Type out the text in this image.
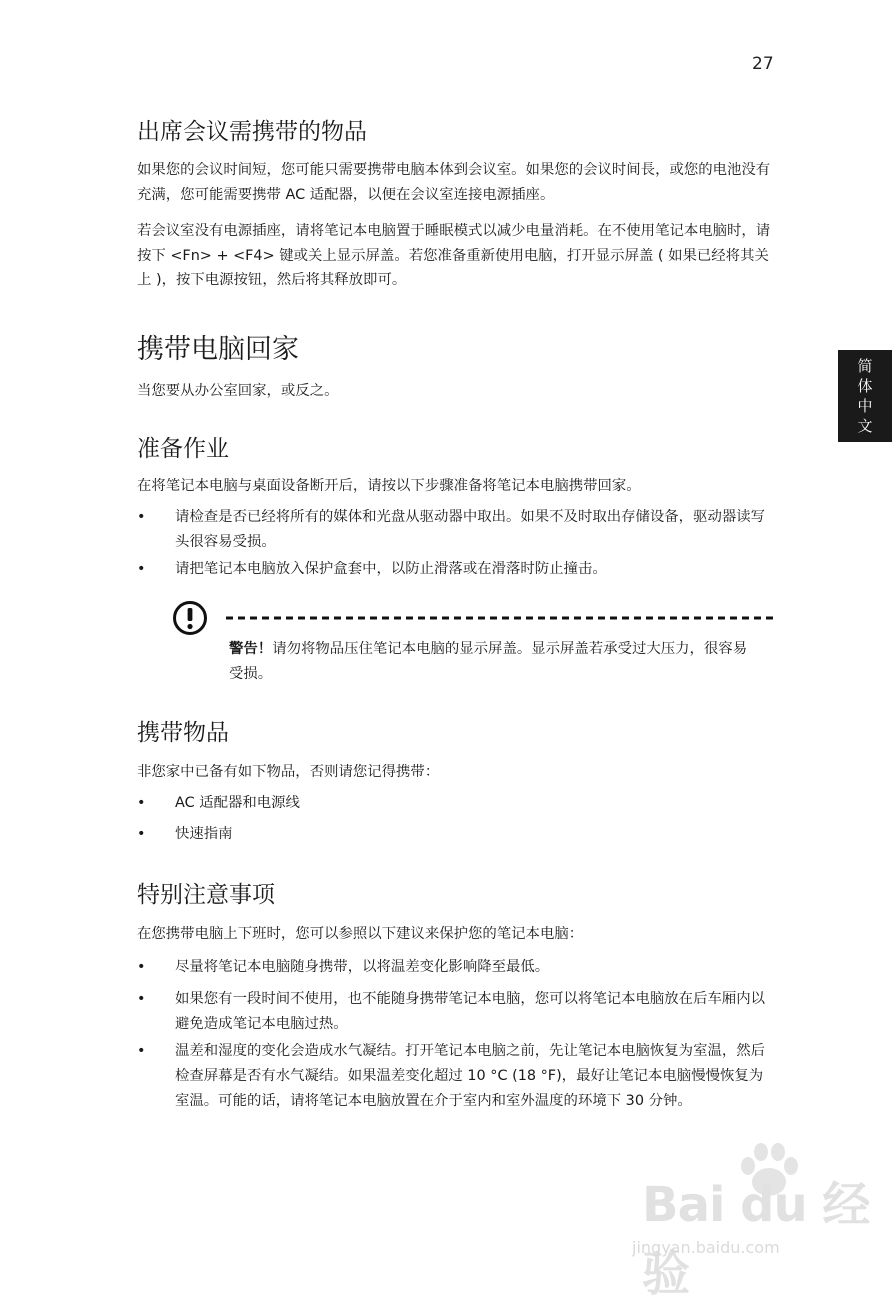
27
简
体
中
文
出席会议需携带的物品

如果您的会议时间短，您可能只需要携带电脑本体到会议室。如果您的会议时间長，或您的电池没有充满，您可能需要携带 AC 适配器，以便在会议室连接电源插座。

若会议室没有电源插座，请将笔记本电脑置于睡眠模式以减少电量消耗。在不使用笔记本电脑时，请按下 <Fn> + <F4> 键或关上显示屏盖。若您准备重新使用电脑，打开显示屏盖 ( 如果已经将其关上 )，按下电源按钮，然后将其释放即可。

携带电脑回家

当您要从办公室回家，或反之。

准备作业

在将笔记本电脑与桌面设备断开后，请按以下步骤准备将笔记本电脑携带回家。

•	请检查是否已经将所有的媒体和光盘从驱动器中取出。如果不及时取出存储设备，驱动器读写头很容易受损。
•	请把笔记本电脑放入保护盒套中，以防止滑落或在滑落时防止撞击。
携带物品

非您家中已备有如下物品，否则请您记得携带：

•	AC 适配器和电源线
•	快速指南
特别注意事项

在您携带电脑上下班时，您可以参照以下建议来保护您的笔记本电脑：

•	尽量将笔记本电脑随身携带，以将温差变化影响降至最低。
•	如果您有一段时间不使用，也不能随身携带笔记本电脑，您可以将笔记本电脑放在后车厢内以避免造成笔记本电脑过热。
•	温差和湿度的变化会造成水气凝结。打开笔记本电脑之前，先让笔记本电脑恢复为室温，然后检查屏幕是否有水气凝结。如果温差变化超过 10 °C (18 °F)，最好让笔记本电脑慢慢恢复为室温。可能的话，请将笔记本电脑放置在介于室内和室外温度的环境下 30 分钟。
警告！请勿将物品压住笔记本电脑的显示屏盖。显示屏盖若承受过大压力，很容易受损。
Bai du 经验
jingyan.baidu.com
